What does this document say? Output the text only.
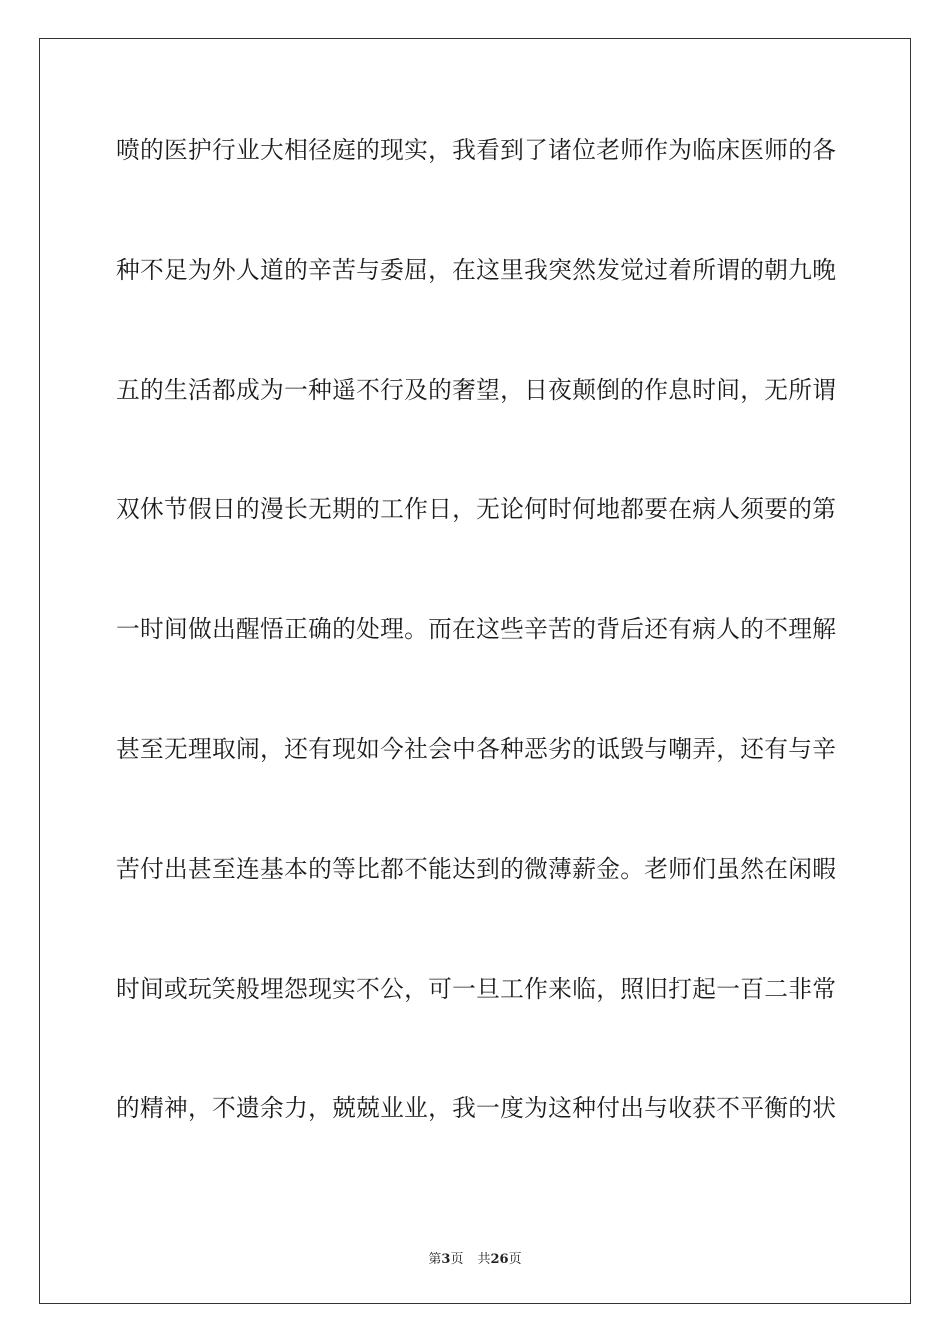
喷的医护行业大相径庭的现实，我看到了诸位老师作为临床医师的各
种不足为外人道的辛苦与委屈，在这里我突然发觉过着所谓的朝九晚
五的生活都成为一种遥不行及的奢望，日夜颠倒的作息时间，无所谓
双休节假日的漫长无期的工作日，无论何时何地都要在病人须要的第
一时间做出醒悟正确的处理。而在这些辛苦的背后还有病人的不理解
甚至无理取闹，还有现如今社会中各种恶劣的诋毁与嘲弄，还有与辛
苦付出甚至连基本的等比都不能达到的微薄薪金。老师们虽然在闲暇
时间或玩笑般埋怨现实不公，可一旦工作来临，照旧打起一百二非常
的精神，不遗余力，兢兢业业，我一度为这种付出与收获不平衡的状
第3页 共26页
